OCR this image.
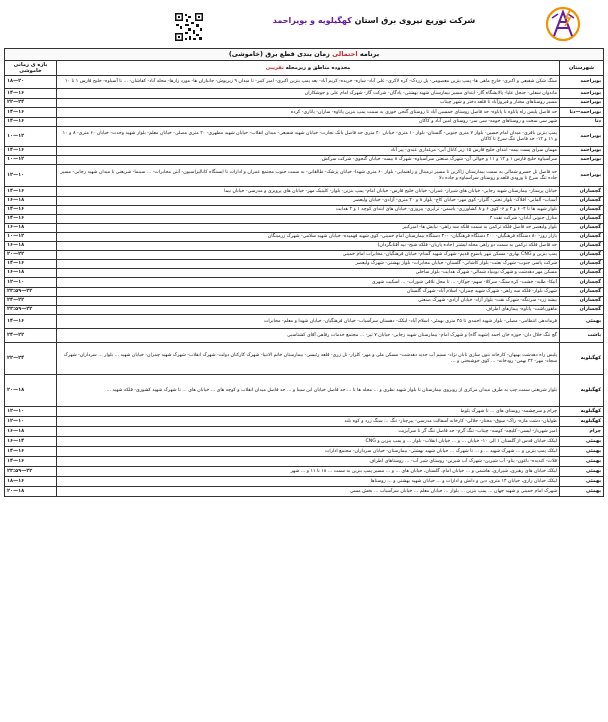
شرکت توزیع نیروی برق استان کهگیلویه و بویراحمد
برنامه احتمالی زمان بندی قطع برق (خاموشی)
شهرستان	محدوده مناطق و زیرمحله تقریبی	بازه ی زمانی خاموشی
بویراحمد	سنگ شکن شفیعی و اکبری- خارج ماهی ها- پمپ بنزین معصومی- پل زردک- کره لاکری- علی آباد- ساره- خریده- کریم آباد- بعد پمپ بنزین اکبری- امیر کبیر- تا میدان ۹ زیرپوش- جانبازان ها- مورد زارها- محله آباد- کفاشان- ... تا آسیاوه- خلیج فارس ۱ تا ۱۰	۱۸—۲۰
بویراحمد	ماندوان سفلی- جنجل علیا- پالایشگاه گاز- ابتدای مسیر بیمارستان شهید بهشتی- پادگان- شرکت گاز- شهرک امام علی و جوشکاران	۱۴—۱۶
بویراحمد	مسیر روستاهای مختار و فیروزآباد تا قلعه دختر و شهر چیتاب	۲۲—۲۴
بویراحمد—دنا	حد فاصل پلیس راه پاتاوه تا پاتاوه- حد فاصل روستای خمسین آباد تا روستای گنجی خوری به سمت پمپ بنزین پاتاوه- ساران- پاتاری- کرده	۱۴—۱۶
دنا	شهر سی سخت و روستاهای حومه- سی سر- روستای امین آباد و کاکان	۱۴—۱۶
بویراحمد	پمپ بنزین باقری- میدان امام حسین- بلوار ۷ متری جنوبی- گلستان- بلوار ۱۰ متری- خیابان ۴۰ متری حد فاصل بانک تجارت- خیابان شهید شفیعی- میدان انقلاب- خیابان شهید مطهری- ۲۰ متری مصلی- خیابان معلم- بلوار شهید وحدت- خیابان ۶۰ متری- ۸ و ۱۰ و ۱۱ و ۱۲- حد فاصل تنگ سرخ تا کاکان	۱۰—۱۲
بویراحمد	مهمان سرای پست بیمه- ابتدای خلیج فارس ۱۵ زیر کانال آبی- مرغداری عبدی- پیر آباد	۱۴—۱۶
بویراحمد	سرآسیاوه خلیج فارس ۱ و ۱۲ و ۱۱ و حوالی آن- شهرک صنعتی سرآسیاوه- شهرک ۸ بیسه- خیابان گنجوی- شرکت سرکش	۱۰—۱۲
بویراحمد	حد فاصل تل خسرو شمالی به سمت بیمارستان ژاکرین تا مسیر ترمینال و راهنمایی- بلوار ۶۰ متری شهدا- خیابان پزشک- طالقانی- به سمت جنوب مجتمع عمران و ادارات تا ایستگاه کانالیزاسیون- آنتن مخابرات- ... سینما- شریعتی تا میدان شهید رجایی- مسیر جاده تنگ سرخ تا ورودی قلعه و روستای سرآسیاوه و جاده دلا	۱۲—۱۰
گچساران	خیابان پرستار- بیمارستان شهید رجایی- خیابان های شیراز- عمران- خیابان خلیج فارس- خیابان امام- پمپ بنزین- بلوار- کلینیک مهر- خیابان های پرویزی و مدرسی- خیابان نیما	۱۴—۱۶
گچساران	آسیاب- آلمانی- افلاک- بلوار تختی- گلزار- کوی مهر- خیابان کاج- بلوار ۸ و ۲۰ متری- آزادی- خیابان ولیعصر	۱۶—۱۸
گچساران	بلوار شهید ها تا ۴- ۶ و ۴ و ۶- کوی ۶ و ۸ کشاورزی- یاسمن- ترابری- پیروزی- خیابان های ابتدای کوچه ۱ و ۲ هدایت	۱۴—۱۶
گچساران	منازل جنوبی آبادان- شرکت نفت ۴	۱۴—۱۶
گچساران	بلوار ولیعصر حد فاصل فلکه ترکمن به سمت فلکه سه راهی- نیایش ها- امیرکبیر	۱۶—۱۸
گچساران	بازار روز- ۸۰ دستگاه فرهنگیان- ۲۰۰ دستگاه فرهنگیان- ۳۰۰ دستگاه بیمارستان امام خمینی- کوی شهید فهمیده- خیابان شهید سلامی- شهرک زرمینگان	۱۰—۱۲
گچساران	حد فاصل فلکه ترکمن به سمت دو راهی محله لیشتر (جاده پاریان- فلکه شیخ- تپه آفتابگردان)	۱۶—۱۸
گچساران	پمپ بنزین و CNG بهاری- مسکن مهر یاسوج قدیم- شهرک شهید گمنام- خیابان فرهنگیان- مخابرات امام خمینی	۲۰—۲۲
گچساران	شرکت پاسی جنوب- شهرک بعثت- بلوار کاشانی- گلستان- خیابان مخابرات- بلوار بهشتی- شهرک ولیعصر	۱۴—۱۶
گچساران	مسکن مهر دهدشت و شهرک نوبنیاد شمالی- شهرک هدایت- بلوار ساحلی	۱۶—۱۸
گچساران	آتیکا- طلبه- خشت- کره سنگ- سرکلا- سهم- جوکار- ... تا محل تلاقی شوراب- ... اسکیت شهری	۱۲—۱۰
گچساران	شهرک بلوار- فلکه سه راهی- شهرک شهید چمران- اسلام آباد- شهرک گلستان	۲۳:۵۹—۲۲
گچساران	بیشه زرد- سرتنگه- شهرک نفت- بلوار آزاد- خیابان آزادی- شهرک صنعتی	۲۴—۲۲
گچساران	ماهورباشت- پاتاوه- پیمازهای اطراف	۲۳:۵۹—۲۲
بهمئی	فرماندهی انتظامی- مصلی- بلوار شهید احمدی تا ۴۵ متری بهمئی- اسلام آباد- لیکک- دهستان سرآسیاب- خیابان فرهنگیان- خیابان شهدا و معلم- مخابرات	۱۴—۱۶
باشت	گچ تنگ خلال دان- حوزه خان احمد (شهید گاه) و شهرک امام- بیمارستان شهید رجایی- خیابان ۷ تیر- ... مجتمع خدمات رفاهی آقای کشتاسبی	۲۴—۲۲
کهگیلویه	پلیس راه دهدشت بهبهان- کارخانه بتون سازی تابان نژاد- نسیم آب جدید دهدشت- مسکن ملی و مهر- کلزار- تل زری- قلعه رئیسی- بیمارستان خاتم الانبیا- شهرک کارکنان دولت- شهرک انقلاب- شهرک شهید چمران- خیابان شهید ... بلوار ... سرداران- شهرک سجاد- مهر- ۲۲ بهمن- رودخانه- ... کوی خوشبختی و ...	۲۲—۲۴
کهگیلویه	بلوار شریعتی سمت چپ به طرف میدان مرکزی از روبروی بیمارستان تا بلوار شهید نظری و ... محله ها تا ... حد فاصل خیابان ابن سینا و ... حد فاصل میدان انقلاب و کوچه های ... خیابان های ... تا شهرک شهید کشوری- فلکه شهید ...	۲۰—۱۸
کهگیلویه	چرام و سرچشمه- روستای های ... تا شهرک بلوط	۱۲—۱۰
کهگیلویه	طولیان- دشت مازه- راک- سوق- مختار- جلالی- کارخانه آسفالت مدرسی- پیرچنار- تنگ ... سنگ زرد و کوه بلند	۱۲—۱۰
چرام	امیر شهریار- لیسی- کلیچه- کوسه- چیتاب- تنگ گرم- حد فاصل تنگ گر تا سرآبزیت	۱۶—۱۸
بهمئی	لیکک خیابان قدس از گلستان ۱ الی ۱۰- خیابان ... و ... خیابان انقلاب- بلوار ... و پمپ بنزین و CNG	۱۶—۱۴
بهمئی	لیکک پمپ بنزین و ... شهرک شهید ... و ... تا شهرک ... خیابان شهید بهشتی- بیمارستان- خیابان سرداران- مجتمع ادارات	۱۴—۱۶
بهمئی	قلات- کندیده- باغون- پتاو- آب شیرین- شهرک آب شیرین- روستای شیر آب- ... روستاهای اطراف	۱۴—۱۶
بهمئی	لیکک خیابان های رهبری، شیرازی، هاشمی و ... خیابان امام، گلستان، خیابان های ... و ... مسیر پمپ بنزین به سمت ... ۱۸ تا ۱۱ و ... شهر	۲۳:۵۹—۲۲
بهمئی	لیکک خیابان رازی، خیابان ۱۴ متری، دین و دانش و ادارات و ... خیابان شهید بهشتی و ... روستاها	۱۸—۱۶
بهمئی	شهرک امام خمینی و شهید جهان ... پمپ بنزین ... بلوار ... خیابان معلم ... خیابان سرآسیاب ... بخش مسی	۲۰—۱۸
